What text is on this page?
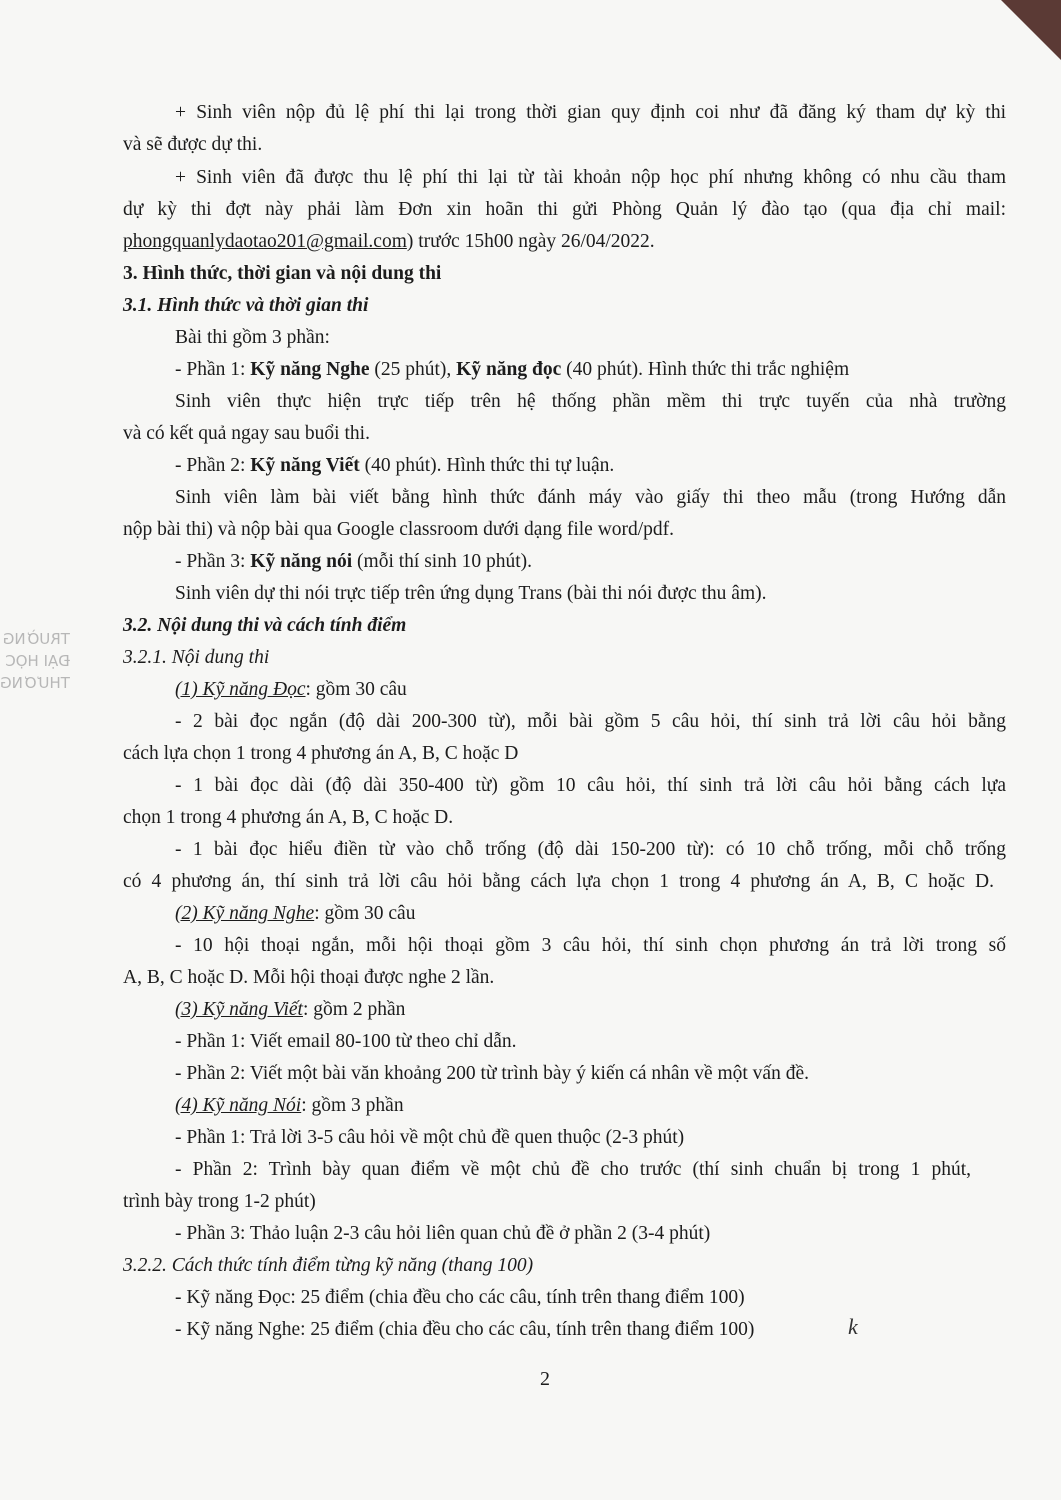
TRUỜNG
ĐẠI HỌC
THƯƠNG
+ Sinh viên nộp đủ lệ phí thi lại trong thời gian quy định coi như đã đăng ký tham dự kỳ thi
và sẽ được dự thi.
+ Sinh viên đã được thu lệ phí thi lại từ tài khoản nộp học phí nhưng không có nhu cầu tham
dự kỳ thi đợt này phải làm Đơn xin hoãn thi gửi Phòng Quản lý đào tạo (qua địa chỉ mail:
phongquanlydaotao201@gmail.com) trước 15h00 ngày 26/04/2022.
3. Hình thức, thời gian và nội dung thi
3.1. Hình thức và thời gian thi
Bài thi gồm 3 phần:
- Phần 1: Kỹ năng Nghe (25 phút), Kỹ năng đọc (40 phút). Hình thức thi trắc nghiệm
Sinh viên thực hiện trực tiếp trên hệ thống phần mềm thi trực tuyến của nhà trường
và có kết quả ngay sau buổi thi.
- Phần 2: Kỹ năng Viết (40 phút). Hình thức thi tự luận.
Sinh viên làm bài viết bằng hình thức đánh máy vào giấy thi theo mẫu (trong Hướng dẫn
nộp bài thi) và nộp bài qua Google classroom dưới dạng file word/pdf.
- Phần 3: Kỹ năng nói (mỗi thí sinh 10 phút).
Sinh viên dự thi nói trực tiếp trên ứng dụng Trans (bài thi nói được thu âm).
3.2. Nội dung thi và cách tính điểm
3.2.1. Nội dung thi
(1) Kỹ năng Đọc: gồm 30 câu
- 2 bài đọc ngắn (độ dài 200-300 từ), mỗi bài gồm 5 câu hỏi, thí sinh trả lời câu hỏi bằng
cách lựa chọn 1 trong 4 phương án A, B, C hoặc D
- 1 bài đọc dài (độ dài 350-400 từ) gồm 10 câu hỏi, thí sinh trả lời câu hỏi bằng cách lựa
chọn 1 trong 4 phương án A, B, C hoặc D.
- 1 bài đọc hiểu điền từ vào chỗ trống (độ dài 150-200 từ): có 10 chỗ trống, mỗi chỗ trống
có 4 phương án, thí sinh trả lời câu hỏi bằng cách lựa chọn 1 trong 4 phương án A, B, C hoặc D.
(2) Kỹ năng Nghe: gồm 30 câu
- 10 hội thoại ngắn, mỗi hội thoại gồm 3 câu hỏi, thí sinh chọn phương án trả lời trong số
A, B, C hoặc D. Mỗi hội thoại được nghe 2 lần.
(3) Kỹ năng Viết: gồm 2 phần
- Phần 1: Viết email 80-100 từ theo chỉ dẫn.
- Phần 2: Viết một bài văn khoảng 200 từ trình bày ý kiến cá nhân về một vấn đề.
(4) Kỹ năng Nói: gồm 3 phần
- Phần 1: Trả lời 3-5 câu hỏi về một chủ đề quen thuộc (2-3 phút)
- Phần 2: Trình bày quan điểm về một chủ đề cho trước (thí sinh chuẩn bị trong 1 phút,
trình bày trong 1-2 phút)
- Phần 3: Thảo luận 2-3 câu hỏi liên quan chủ đề ở phần 2 (3-4 phút)
3.2.2. Cách thức tính điểm từng kỹ năng (thang 100)
- Kỹ năng Đọc: 25 điểm (chia đều cho các câu, tính trên thang điểm 100)
- Kỹ năng Nghe: 25 điểm (chia đều cho các câu, tính trên thang điểm 100)	k
2
